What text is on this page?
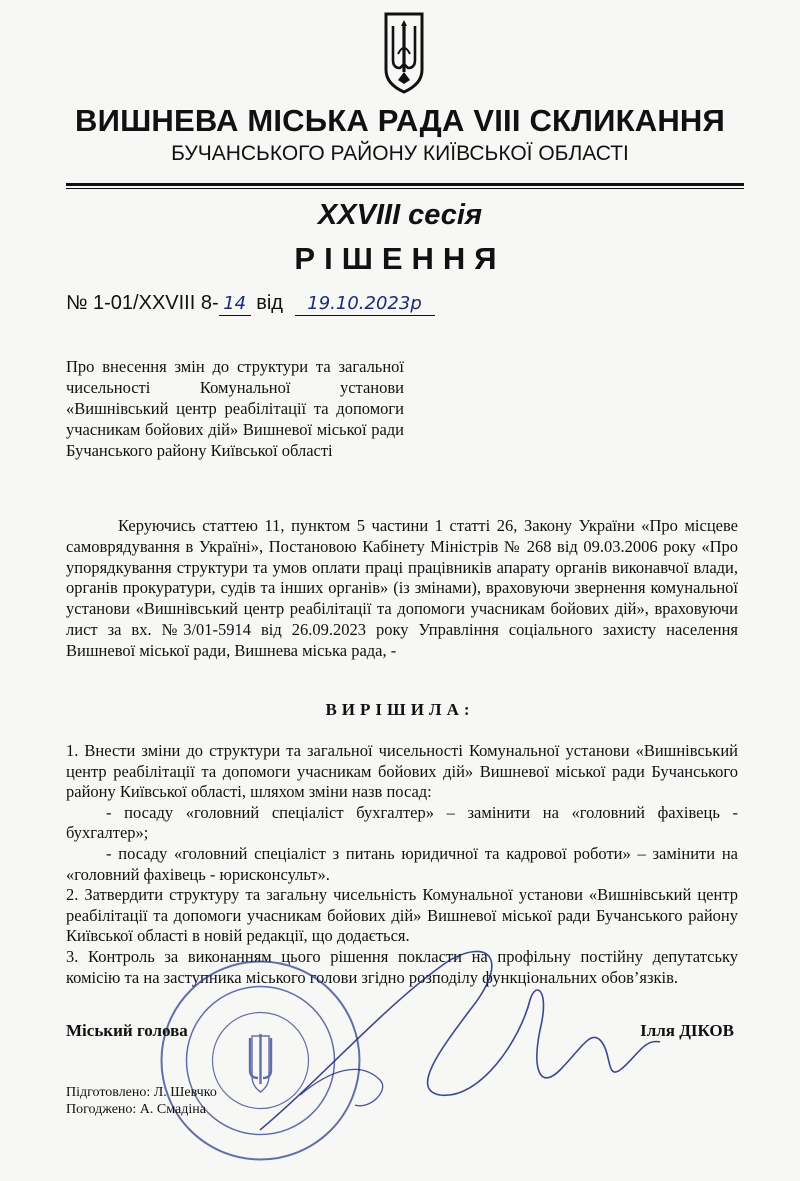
ВИШНЕВА МІСЬКА РАДА VIII СКЛИКАННЯ
БУЧАНСЬКОГО РАЙОНУ КИЇВСЬКОЇ ОБЛАСТІ
XXVIII сесія
РІШЕННЯ
№ 1-01/XXVIII 8- 14 від 19.10.2023р

Про внесення змін до структури та загальної чисельності Комунальної установи «Вишнівський центр реабілітації та допомоги учасникам бойових дій» Вишневої міської ради Бучанського району Київської області

Керуючись статтею 11, пунктом 5 частини 1 статті 26, Закону України «Про місцеве самоврядування в Україні», Постановою Кабінету Міністрів № 268 від 09.03.2006 року «Про упорядкування структури та умов оплати праці працівників апарату органів виконавчої влади, органів прокуратури, судів та інших органів» (із змінами), враховуючи звернення комунальної установи «Вишнівський центр реабілітації та допомоги учасникам бойових дій», враховуючи лист за вх. №3/01-5914 від 26.09.2023 року Управління соціального захисту населення Вишневої міської ради, Вишнева міська рада, -
ВИРІШИЛА:

1. Внести зміни до структури та загальної чисельності Комунальної установи «Вишнівський центр реабілітації та допомоги учасникам бойових дій» Вишневої міської ради Бучанського району Київської області, шляхом зміни назв посад:

- посаду «головний спеціаліст бухгалтер» – замінити на «головний фахівець - бухгалтер»;

- посаду «головний спеціаліст з питань юридичної та кадрової роботи» – замінити на «головний фахівець - юрисконсульт».

2. Затвердити структуру та загальну чисельність Комунальної установи «Вишнівський центр реабілітації та допомоги учасникам бойових дій» Вишневої міської ради Бучанського району Київської області в новій редакції, що додається.

3. Контроль за виконанням цього рішення покласти на профільну постійну депутатську комісію та на заступника міського голови згідно розподілу функціональних обов’язків.

Міський голова	Ілля ДІКОВ
Підготовлено: Л. Шевчко
Погоджено: А. Смадіна
